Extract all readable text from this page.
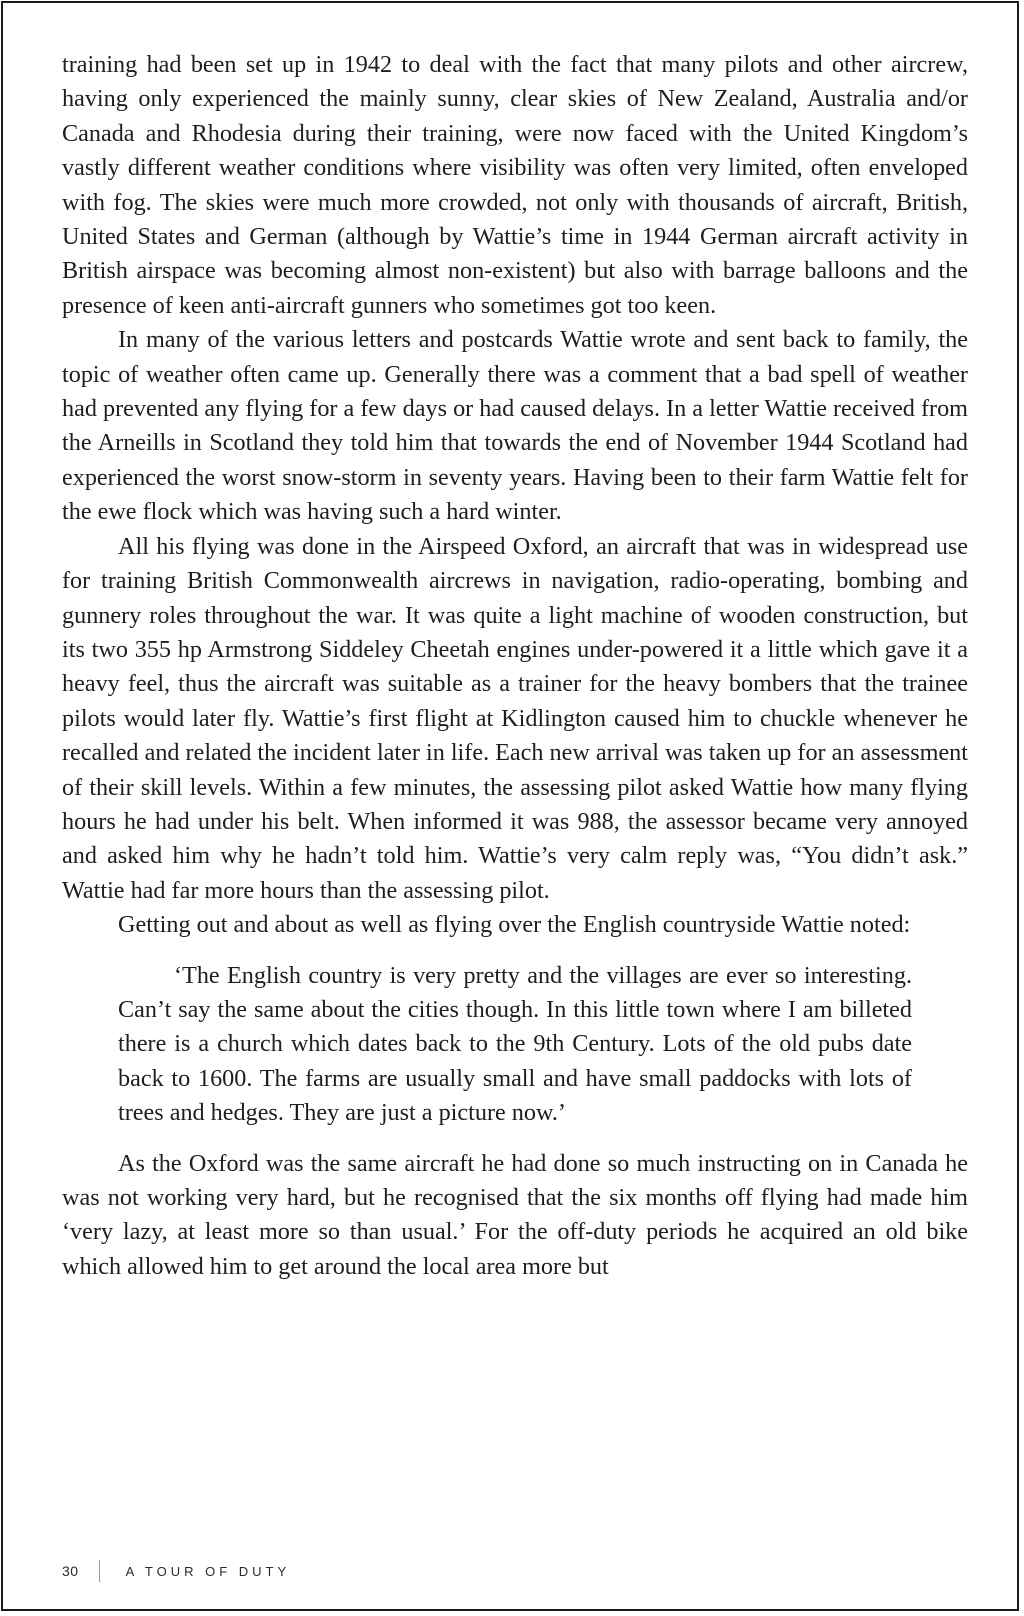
training had been set up in 1942 to deal with the fact that many pilots and other aircrew, having only experienced the mainly sunny, clear skies of New Zealand, Australia and/or Canada and Rhodesia during their training, were now faced with the United Kingdom’s vastly different weather conditions where visibility was often very limited, often enveloped with fog. The skies were much more crowded, not only with thousands of aircraft, British, United States and German (although by Wattie’s time in 1944 German aircraft activity in British airspace was becoming almost non-existent) but also with barrage balloons and the presence of keen anti-aircraft gunners who sometimes got too keen.

In many of the various letters and postcards Wattie wrote and sent back to family, the topic of weather often came up. Generally there was a comment that a bad spell of weather had prevented any flying for a few days or had caused delays. In a letter Wattie received from the Arneills in Scotland they told him that towards the end of November 1944 Scotland had experienced the worst snow-storm in seventy years. Having been to their farm Wattie felt for the ewe flock which was having such a hard winter.

All his flying was done in the Airspeed Oxford, an aircraft that was in widespread use for training British Commonwealth aircrews in navigation, radio-operating, bombing and gunnery roles throughout the war. It was quite a light machine of wooden construction, but its two 355 hp Armstrong Siddeley Cheetah engines under-powered it a little which gave it a heavy feel, thus the aircraft was suitable as a trainer for the heavy bombers that the trainee pilots would later fly. Wattie’s first flight at Kidlington caused him to chuckle whenever he recalled and related the incident later in life. Each new arrival was taken up for an assessment of their skill levels. Within a few minutes, the assessing pilot asked Wattie how many flying hours he had under his belt. When informed it was 988, the assessor became very annoyed and asked him why he hadn’t told him. Wattie’s very calm reply was, “You didn’t ask.” Wattie had far more hours than the assessing pilot.

Getting out and about as well as flying over the English countryside Wattie noted:

‘The English country is very pretty and the villages are ever so interesting. Can’t say the same about the cities though. In this little town where I am billeted there is a church which dates back to the 9th Century. Lots of the old pubs date back to 1600. The farms are usually small and have small paddocks with lots of trees and hedges. They are just a picture now.’

As the Oxford was the same aircraft he had done so much instructing on in Canada he was not working very hard, but he recognised that the six months off flying had made him ‘very lazy, at least more so than usual.’ For the off-duty periods he acquired an old bike which allowed him to get around the local area more but

30	A TOUR OF DUTY
